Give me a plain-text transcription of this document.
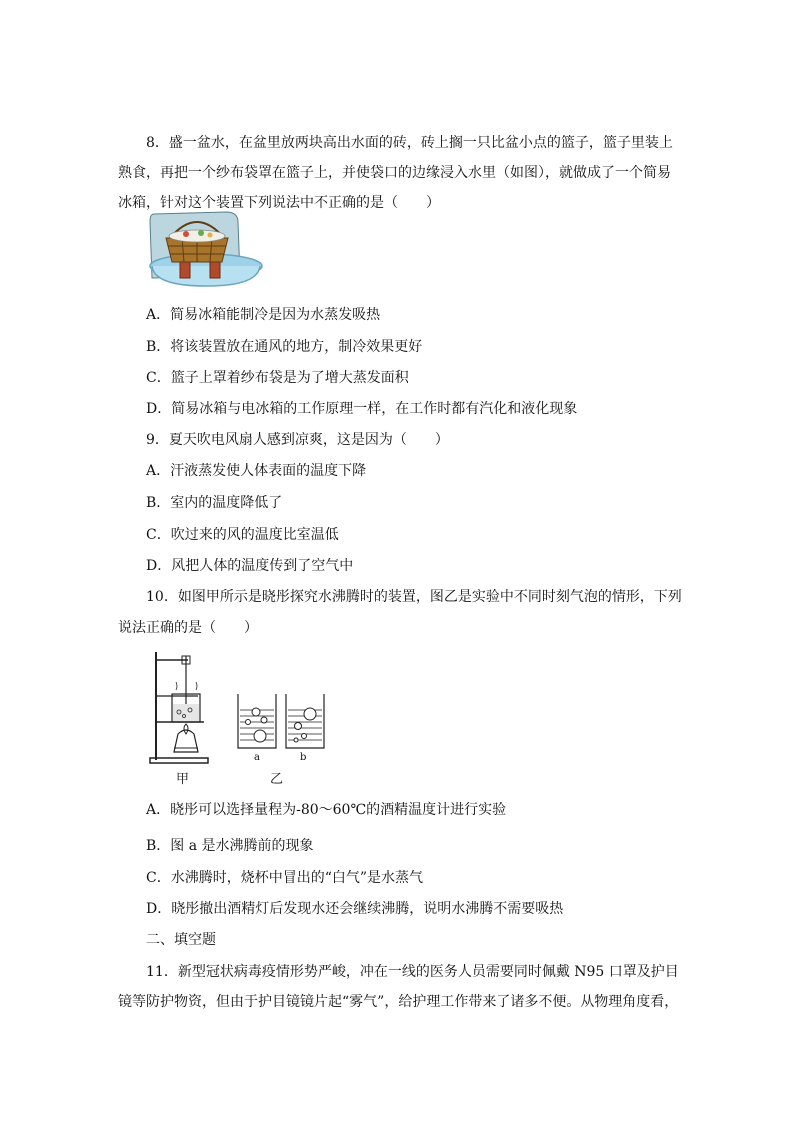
8．盛一盆水，在盆里放两块高出水面的砖，砖上搁一只比盆小点的篮子，篮子里装上
熟食，再把一个纱布袋罩在篮子上，并使袋口的边缘浸入水里（如图），就做成了一个简易
冰箱，针对这个装置下列说法中不正确的是（　　）
A．简易冰箱能制冷是因为水蒸发吸热
B．将该装置放在通风的地方，制冷效果更好
C．篮子上罩着纱布袋是为了增大蒸发面积
D．简易冰箱与电冰箱的工作原理一样，在工作时都有汽化和液化现象
9．夏天吹电风扇人感到凉爽，这是因为（　　）
A．汗液蒸发使人体表面的温度下降
B．室内的温度降低了
C．吹过来的风的温度比室温低
D．风把人体的温度传到了空气中
10．如图甲所示是晓彤探究水沸腾时的装置，图乙是实验中不同时刻气泡的情形，下列
说法正确的是（　　）
a	b
甲	乙
A．晓彤可以选择量程为-80～60℃的酒精温度计进行实验
B．图 a 是水沸腾前的现象
C．水沸腾时，烧杯中冒出的“白气”是水蒸气
D．晓彤撤出酒精灯后发现水还会继续沸腾，说明水沸腾不需要吸热
二、填空题
11．新型冠状病毒疫情形势严峻，冲在一线的医务人员需要同时佩戴 N95 口罩及护目
镜等防护物资，但由于护目镜镜片起“雾气”，给护理工作带来了诸多不便。从物理角度看，
